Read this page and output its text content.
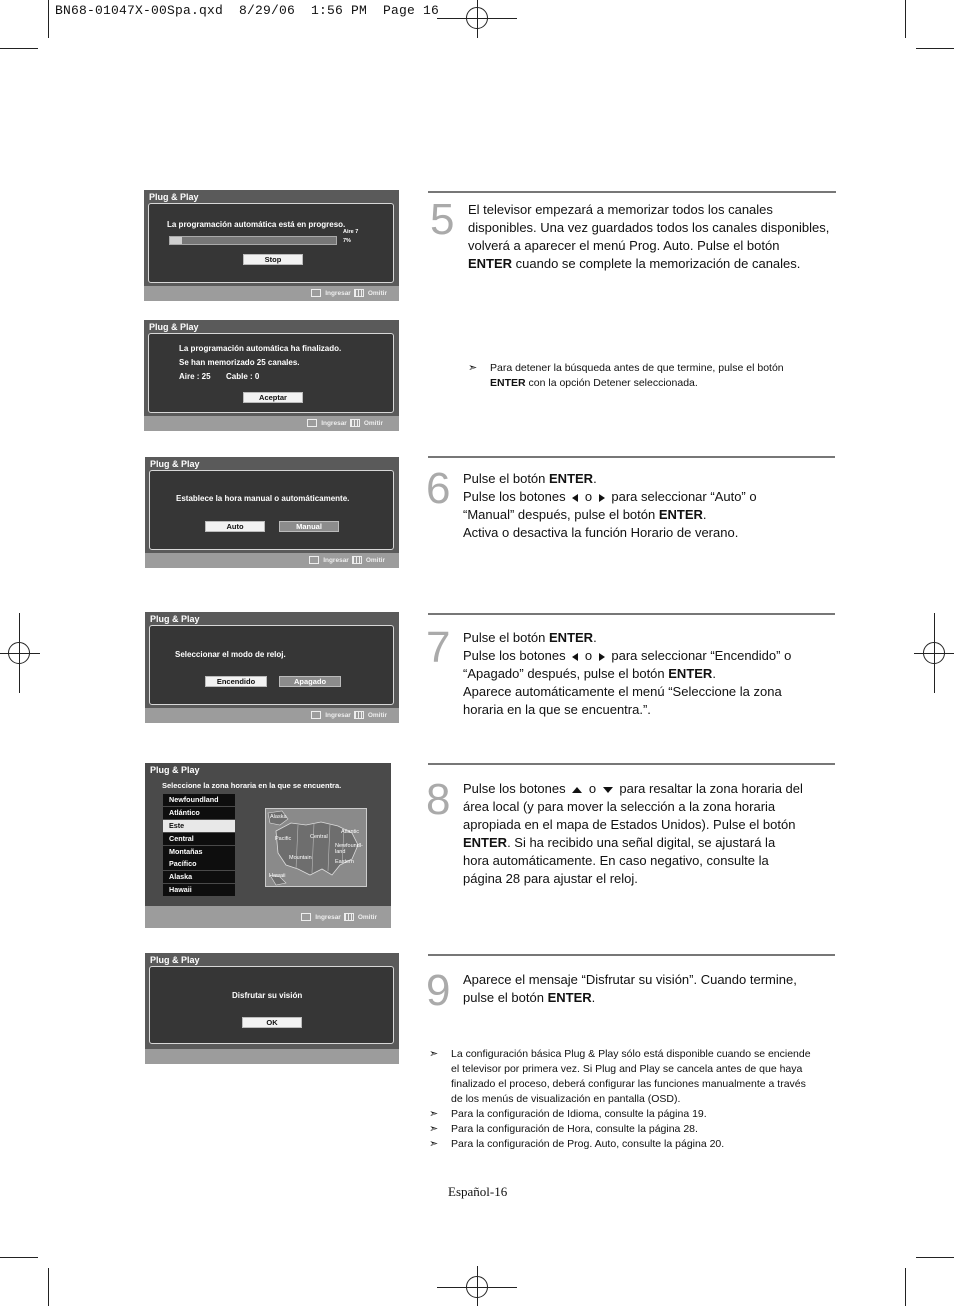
BN68-01047X-00Spa.qxd  8/29/06  1:56 PM  Page 16
Plug & Play
La programación automática está en progreso.
Aire 7
7%
Stop
Ingresar	Omitir
Plug & Play
La programación automática ha finalizado.
Se han memorizado 25 canales.
Aire : 25 Cable : 0
Aceptar
Ingresar	Omitir
Plug & Play
Establece la hora manual o automáticamente.
Auto	Manual
Ingresar	Omitir
Plug & Play
Seleccionar el modo de reloj.
Encendido	Apagado
Ingresar	Omitir
Plug & Play
Seleccione la zona horaria en la que se encuentra.
Newfoundland
Atlántico
Este
Central
Montañas
Pacífico
Alaska
Hawaii
Alaska
Pacific	Central
Atlantic
Newfoundl-
land
Mountain
Eastern
Hawaii
Ingresar	Omitir
Plug & Play
Disfrutar su visión
OK
5 El televisor empezará a memorizar todos los canales
disponibles. Una vez guardados todos los canales disponibles,
volverá a aparecer el menú Prog. Auto. Pulse el botón
ENTER cuando se complete la memorización de canales.
➣	Para detener la búsqueda antes de que termine, pulse el botón
ENTER con la opción Detener seleccionada.
6 Pulse el botón ENTER.
Pulse los botones o para seleccionar “Auto” o
“Manual” después, pulse el botón ENTER.
Activa o desactiva la función Horario de verano.
7 Pulse el botón ENTER.
Pulse los botones o para seleccionar “Encendido” o
“Apagado” después, pulse el botón ENTER.
Aparece automáticamente el menú “Seleccione la zona
horaria en la que se encuentra.”.
8 Pulse los botones o para resaltar la zona horaria del
área local (y para mover la selección a la zona horaria
apropiada en el mapa de Estados Unidos). Pulse el botón
ENTER. Si ha recibido una señal digital, se ajustará la
hora automáticamente. En caso negativo, consulte la
página 28 para ajustar el reloj.
9 Aparece el mensaje “Disfrutar su visión”. Cuando termine,
pulse el botón ENTER.
➣	La configuración básica Plug & Play sólo está disponible cuando se enciende
el televisor por primera vez. Si Plug and Play se cancela antes de que haya
finalizado el proceso, deberá configurar las funciones manualmente a través
de los menús de visualización en pantalla (OSD).
➣	Para la configuración de Idioma, consulte la página 19.
➣	Para la configuración de Hora, consulte la página 28.
➣	Para la configuración de Prog. Auto, consulte la página 20.
Español-16
